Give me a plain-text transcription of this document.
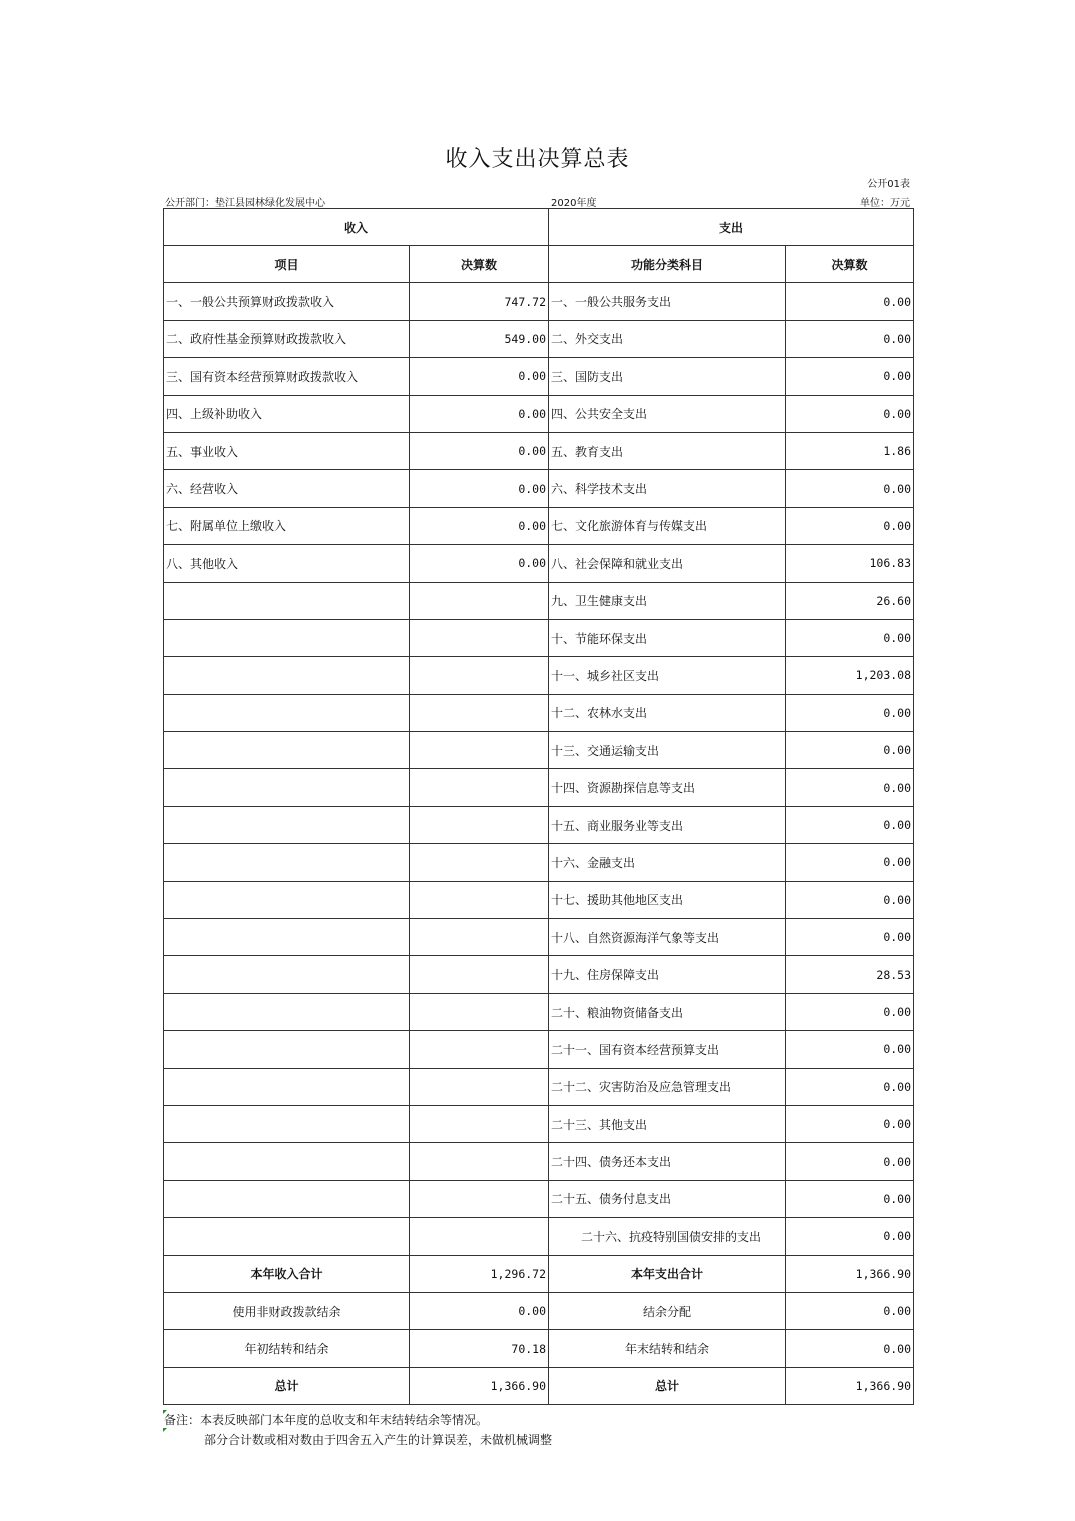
收入支出决算总表
公开01表
公开部门：垫江县园林绿化发展中心	2020年度	单位：万元
收入		支出	
项目	决算数	功能分类科目	决算数
一、一般公共预算财政拨款收入	747.72	一、一般公共服务支出	0.00
二、政府性基金预算财政拨款收入	549.00	二、外交支出	0.00
三、国有资本经营预算财政拨款收入	0.00	三、国防支出	0.00
四、上级补助收入	0.00	四、公共安全支出	0.00
五、事业收入	0.00	五、教育支出	1.86
六、经营收入	0.00	六、科学技术支出	0.00
七、附属单位上缴收入	0.00	七、文化旅游体育与传媒支出	0.00
八、其他收入	0.00	八、社会保障和就业支出	106.83
		九、卫生健康支出	26.60
		十、节能环保支出	0.00
		十一、城乡社区支出	1,203.08
		十二、农林水支出	0.00
		十三、交通运输支出	0.00
		十四、资源勘探信息等支出	0.00
		十五、商业服务业等支出	0.00
		十六、金融支出	0.00
		十七、援助其他地区支出	0.00
		十八、自然资源海洋气象等支出	0.00
		十九、住房保障支出	28.53
		二十、粮油物资储备支出	0.00
		二十一、国有资本经营预算支出	0.00
		二十二、灾害防治及应急管理支出	0.00
		二十三、其他支出	0.00
		二十四、债务还本支出	0.00
		二十五、债务付息支出	0.00
		二十六、抗疫特别国债安排的支出	0.00
本年收入合计	1,296.72	本年支出合计	1,366.90
使用非财政拨款结余	0.00	结余分配	0.00
年初结转和结余	70.18	年末结转和结余	0.00
总计	1,366.90	总计	1,366.90
备注：本表反映部门本年度的总收支和年末结转结余等情况。
部分合计数或相对数由于四舍五入产生的计算误差，未做机械调整
